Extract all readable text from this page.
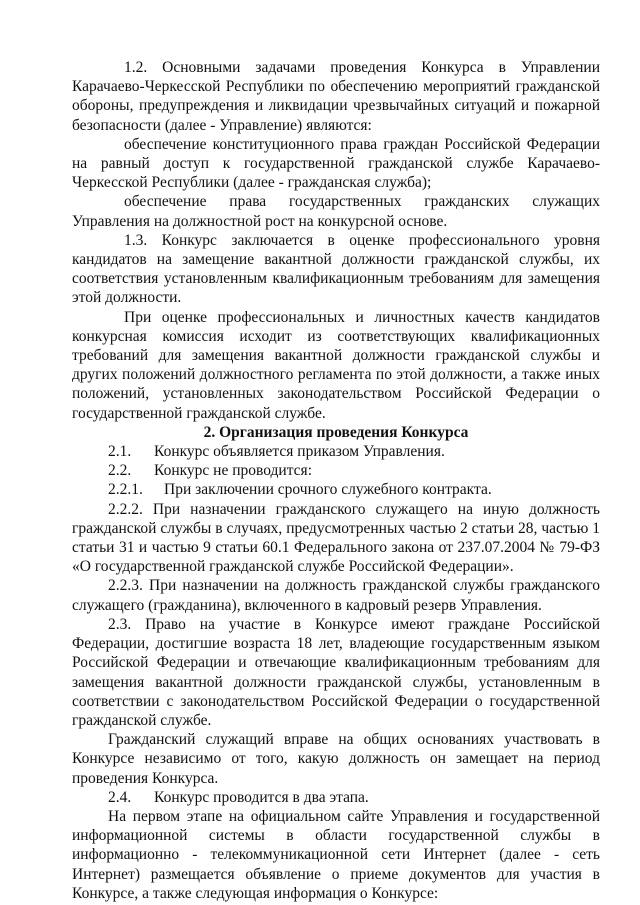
1.2. Основными задачами проведения Конкурса в Управлении Карачаево-Черкесской Республики по обеспечению мероприятий гражданской обороны, предупреждения и ликвидации чрезвычайных ситуаций и пожарной безопасности (далее - Управление) являются:

обеспечение конституционного права граждан Российской Федерации на равный доступ к государственной гражданской службе Карачаево-Черкесской Республики (далее - гражданская служба);

обеспечение права государственных гражданских служащих Управления на должностной рост на конкурсной основе.

1.3. Конкурс заключается в оценке профессионального уровня кандидатов на замещение вакантной должности гражданской службы, их соответствия установленным квалификационным требованиям для замещения этой должности.

При оценке профессиональных и личностных качеств кандидатов конкурсная комиссия исходит из соответствующих квалификационных требований для замещения вакантной должности гражданской службы и других положений должностного регламента по этой должности, а также иных положений, установленных законодательством Российской Федерации о государственной гражданской службе.

2. Организация проведения Конкурса

2.1.	Конкурс объявляется приказом Управления.
2.2.	Конкурс не проводится:
2.2.1.	При заключении срочного служебного контракта.

2.2.2. При назначении гражданского служащего на иную должность гражданской службы в случаях, предусмотренных частью 2 статьи 28, частью 1 статьи 31 и частью 9 статьи 60.1 Федерального закона от 237.07.2004 № 79-ФЗ «О государственной гражданской службе Российской Федерации».

2.2.3. При назначении на должность гражданской службы гражданского служащего (гражданина), включенного в кадровый резерв Управления.

2.3. Право на участие в Конкурсе имеют граждане Российской Федерации, достигшие возраста 18 лет, владеющие государственным языком Российской Федерации и отвечающие квалификационным требованиям для замещения вакантной должности гражданской службы, установленным в соответствии с законодательством Российской Федерации о государственной гражданской службе.

Гражданский служащий вправе на общих основаниях участвовать в Конкурсе независимо от того, какую должность он замещает на период проведения Конкурса.

2.4.	Конкурс проводится в два этапа.

На первом этапе на официальном сайте Управления и государственной информационной системы в области государственной службы в информационно - телекоммуникационной сети Интернет (далее - сеть Интернет) размещается объявление о приеме документов для участия в Конкурсе, а также следующая информация о Конкурсе:
